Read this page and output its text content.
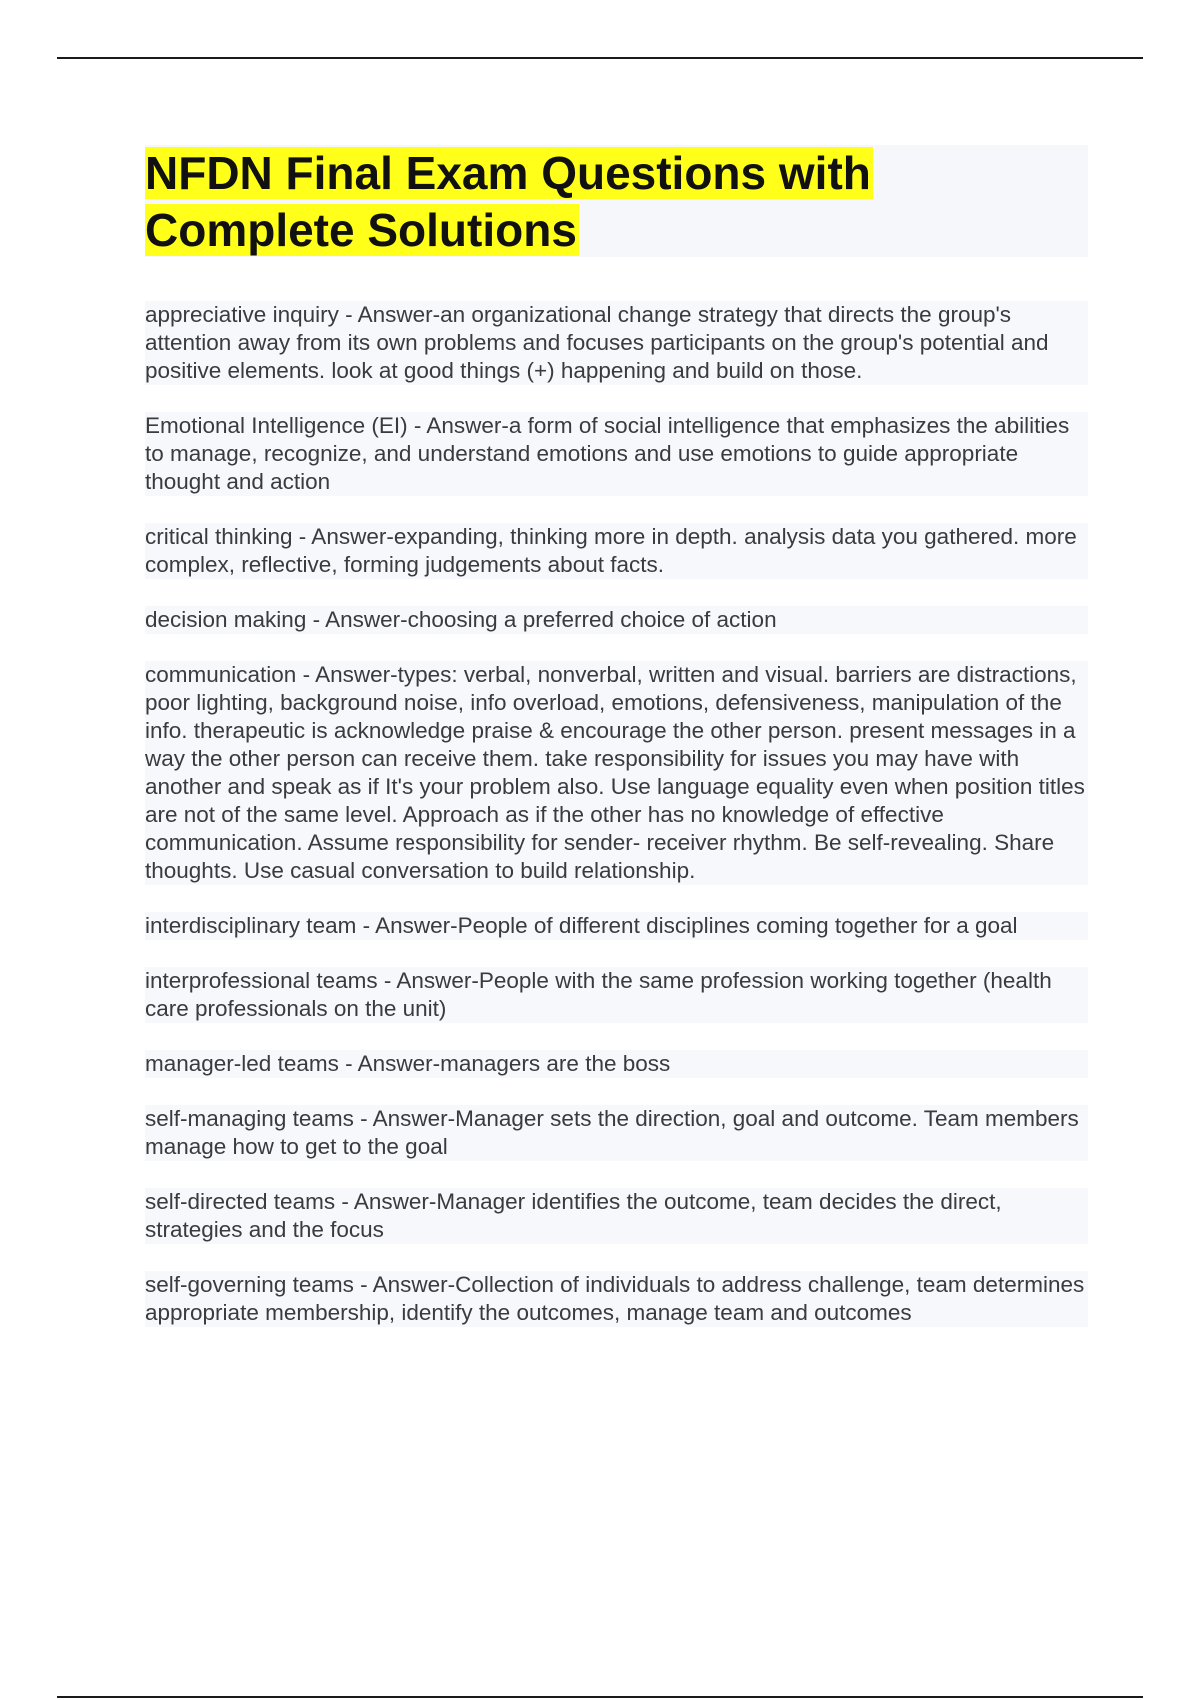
NFDN Final Exam Questions with
Complete Solutions

appreciative inquiry - Answer-an organizational change strategy that directs the group's attention away from its own problems and focuses participants on the group's potential and positive elements. look at good things (+) happening and build on those.

Emotional Intelligence (EI) - Answer-a form of social intelligence that emphasizes the abilities to manage, recognize, and understand emotions and use emotions to guide appropriate thought and action

critical thinking - Answer-expanding, thinking more in depth. analysis data you gathered. more complex, reflective, forming judgements about facts.

decision making - Answer-choosing a preferred choice of action

communication - Answer-types: verbal, nonverbal, written and visual. barriers are distractions, poor lighting, background noise, info overload, emotions, defensiveness, manipulation of the info. therapeutic is acknowledge praise & encourage the other person. present messages in a way the other person can receive them. take responsibility for issues you may have with another and speak as if It's your problem also. Use language equality even when position titles are not of the same level. Approach as if the other has no knowledge of effective communication. Assume responsibility for sender- receiver rhythm. Be self-revealing. Share thoughts. Use casual conversation to build relationship.

interdisciplinary team - Answer-People of different disciplines coming together for a goal

interprofessional teams - Answer-People with the same profession working together (health care professionals on the unit)

manager-led teams - Answer-managers are the boss

self-managing teams - Answer-Manager sets the direction, goal and outcome. Team members manage how to get to the goal

self-directed teams - Answer-Manager identifies the outcome, team decides the direct, strategies and the focus

self-governing teams - Answer-Collection of individuals to address challenge, team determines appropriate membership, identify the outcomes, manage team and outcomes
